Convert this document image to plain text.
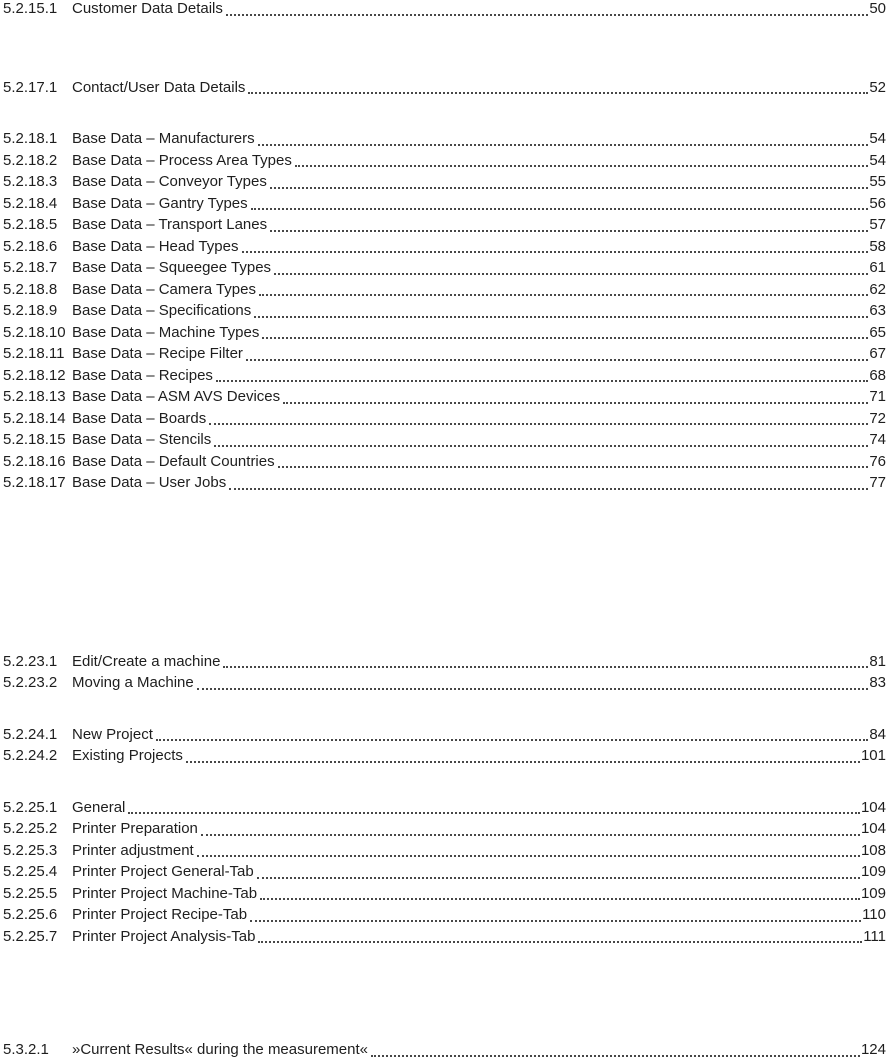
5.2.15.1 Customer Data Details	50
5.2.17.1 Contact/User Data Details	52
5.2.18.1 Base Data – Manufacturers	54
5.2.18.2 Base Data – Process Area Types	54
5.2.18.3 Base Data – Conveyor Types	55
5.2.18.4 Base Data – Gantry Types	56
5.2.18.5 Base Data – Transport Lanes	57
5.2.18.6 Base Data – Head Types	58
5.2.18.7 Base Data – Squeegee Types	61
5.2.18.8 Base Data – Camera Types	62
5.2.18.9 Base Data – Specifications	63
5.2.18.10 Base Data – Machine Types	65
5.2.18.11 Base Data – Recipe Filter	67
5.2.18.12 Base Data – Recipes	68
5.2.18.13 Base Data – ASM AVS Devices	71
5.2.18.14 Base Data – Boards	72
5.2.18.15 Base Data – Stencils	74
5.2.18.16 Base Data – Default Countries	76
5.2.18.17 Base Data – User Jobs	77
5.2.23.1 Edit/Create a machine	81
5.2.23.2 Moving a Machine	83
5.2.24.1 New Project	84
5.2.24.2 Existing Projects	101
5.2.25.1 General	104
5.2.25.2 Printer Preparation	104
5.2.25.3 Printer adjustment	108
5.2.25.4 Printer Project General-Tab	109
5.2.25.5 Printer Project Machine-Tab	109
5.2.25.6 Printer Project Recipe-Tab	110
5.2.25.7 Printer Project Analysis-Tab	111
5.3.2.1	»Current Results« during the measurement«	124
